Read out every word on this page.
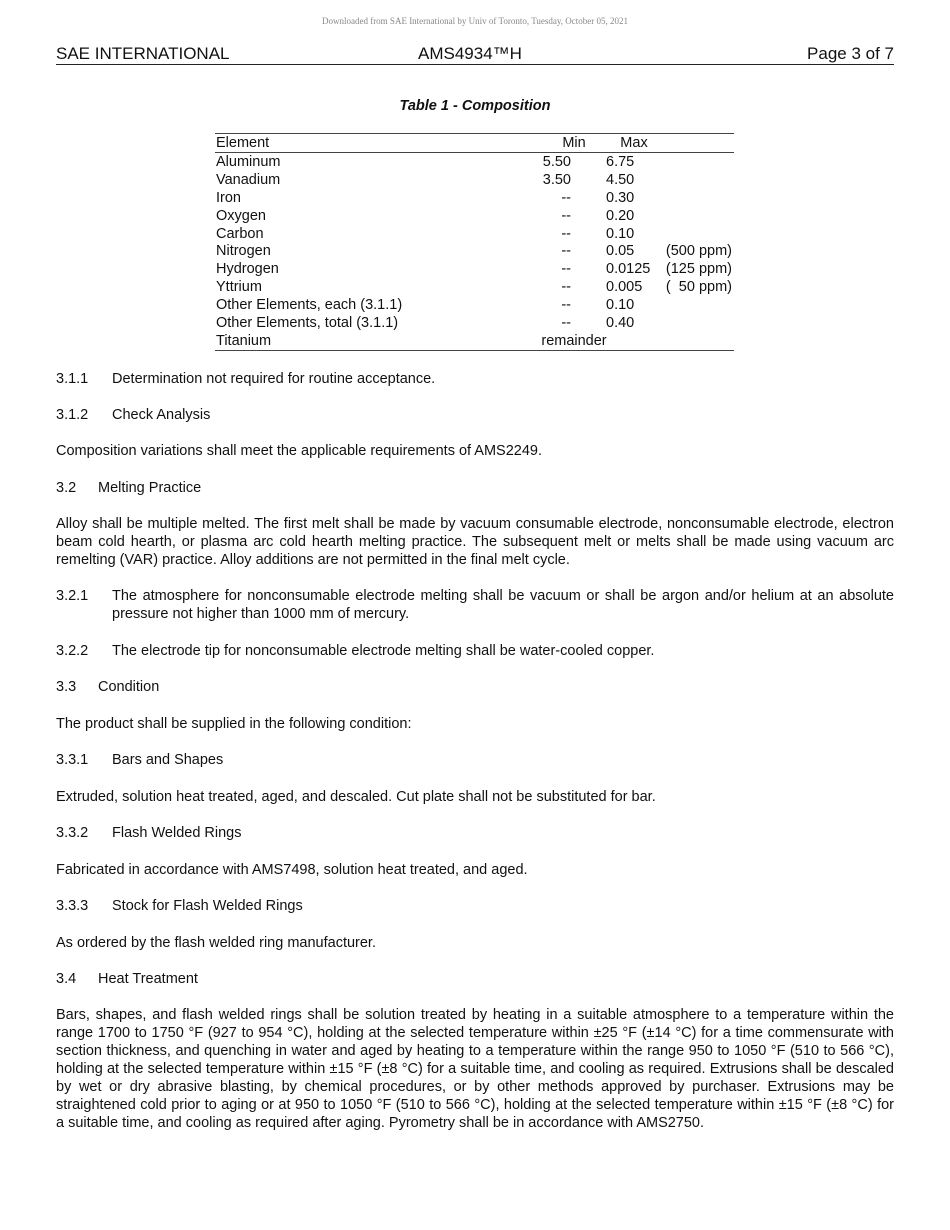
Downloaded from SAE International by Univ of Toronto, Tuesday, October 05, 2021
SAE INTERNATIONAL	AMS4934™H	Page 3 of 7
Table 1 - Composition
Element	Min	Max
Aluminum	5.50 6.75
Vanadium	3.50 4.50
Iron	-- 0.30
Oxygen	-- 0.20
Carbon	-- 0.10
Nitrogen	-- 0.05 (500 ppm)
Hydrogen	-- 0.0125 (125 ppm)
Yttrium	-- 0.005 (  50 ppm)
Other Elements, each (3.1.1)	-- 0.10
Other Elements, total (3.1.1)	-- 0.40
Titanium	remainder
3.1.1 Determination not required for routine acceptance.
3.1.2 Check Analysis
Composition variations shall meet the applicable requirements of AMS2249.
3.2 Melting Practice
Alloy shall be multiple melted. The first melt shall be made by vacuum consumable electrode, nonconsumable electrode, electron beam cold hearth, or plasma arc cold hearth melting practice. The subsequent melt or melts shall be made using vacuum arc remelting (VAR) practice. Alloy additions are not permitted in the final melt cycle.
3.2.1 The atmosphere for nonconsumable electrode melting shall be vacuum or shall be argon and/or helium at an absolute pressure not higher than 1000 mm of mercury.
3.2.2 The electrode tip for nonconsumable electrode melting shall be water-cooled copper.
3.3 Condition
The product shall be supplied in the following condition:
3.3.1 Bars and Shapes
Extruded, solution heat treated, aged, and descaled. Cut plate shall not be substituted for bar.
3.3.2 Flash Welded Rings
Fabricated in accordance with AMS7498, solution heat treated, and aged.
3.3.3 Stock for Flash Welded Rings
As ordered by the flash welded ring manufacturer.
3.4 Heat Treatment
Bars, shapes, and flash welded rings shall be solution treated by heating in a suitable atmosphere to a temperature within the range 1700 to 1750 °F (927 to 954 °C), holding at the selected temperature within ±25 °F (±14 °C) for a time commensurate with section thickness, and quenching in water and aged by heating to a temperature within the range 950 to 1050 °F (510 to 566 °C), holding at the selected temperature within ±15 °F (±8 °C) for a suitable time, and cooling as required. Extrusions shall be descaled by wet or dry abrasive blasting, by chemical procedures, or by other methods approved by purchaser. Extrusions may be straightened cold prior to aging or at 950 to 1050 °F (510 to 566 °C), holding at the selected temperature within ±15 °F (±8 °C) for a suitable time, and cooling as required after aging. Pyrometry shall be in accordance with AMS2750.
